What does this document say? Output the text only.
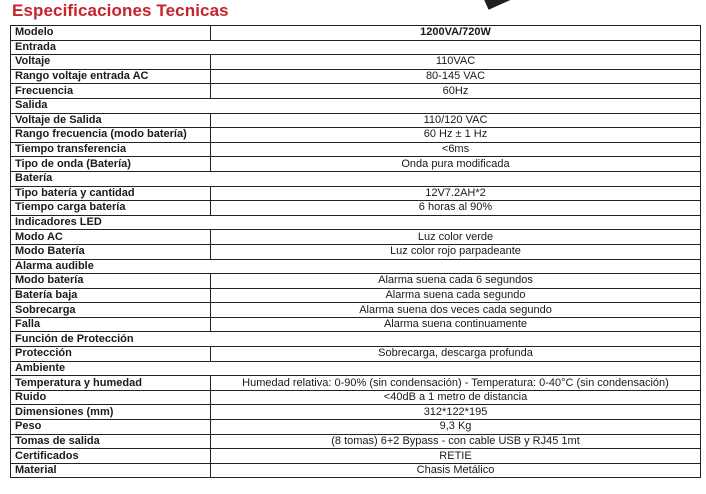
Especificaciones Tecnicas
Modelo	1200VA/720W
Entrada	
Voltaje	110VAC
Rango voltaje entrada AC	80-145 VAC
Frecuencia	60Hz
Salida	
Voltaje de Salida	110/120 VAC
Rango frecuencia (modo batería)	60 Hz ± 1 Hz
Tiempo transferencia	<6ms
Tipo de onda (Batería)	Onda pura modificada
Batería	
Tipo batería y cantidad	12V7.2AH*2
Tiempo carga batería	6 horas al 90%
Indicadores LED	
Modo AC	Luz color verde
Modo Batería	Luz color rojo parpadeante
Alarma audible	
Modo batería	Alarma suena cada 6 segundos
Batería baja	Alarma suena cada segundo
Sobrecarga	Alarma suena dos veces cada segundo
Falla	Alarma suena continuamente
Función de Protección	
Protección	Sobrecarga, descarga profunda
Ambiente	
Temperatura y humedad	Humedad relativa: 0-90% (sin condensación) - Temperatura: 0-40°C (sin condensación)
Ruido	<40dB a 1 metro de distancia
Dimensiones (mm)	312*122*195
Peso	9,3 Kg
Tomas de salida	(8 tomas) 6+2 Bypass - con cable USB y RJ45 1mt
Certificados	RETIE
Material	Chasis Metálico
